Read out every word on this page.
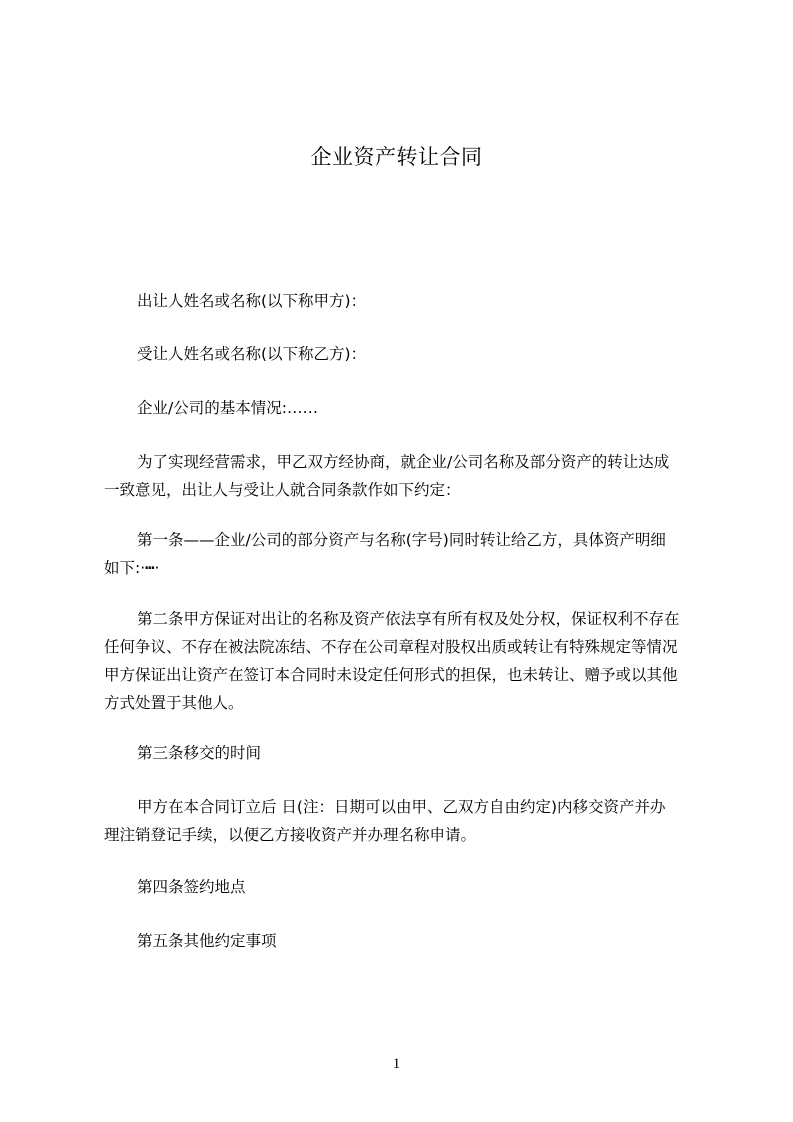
企业资产转让合同

出让人姓名或名称(以下称甲方)：

受让人姓名或名称(以下称乙方)：

企业/公司的基本情况:……

为了实现经营需求，甲乙双方经协商，就企业/公司名称及部分资产的转让达成
一致意见，出让人与受让人就合同条款作如下约定：

第一条——企业/公司的部分资产与名称(字号)同时转让给乙方，具体资产明细
如下:·┅·

第二条甲方保证对出让的名称及资产依法享有所有权及处分权，保证权利不存在
任何争议、不存在被法院冻结、不存在公司章程对股权出质或转让有特殊规定等情况
甲方保证出让资产在签订本合同时未设定任何形式的担保，也未转让、赠予或以其他
方式处置于其他人。

第三条移交的时间

甲方在本合同订立后 日(注：日期可以由甲、乙双方自由约定)内移交资产并办
理注销登记手续，以便乙方接收资产并办理名称申请。

第四条签约地点

第五条其他约定事项

1
